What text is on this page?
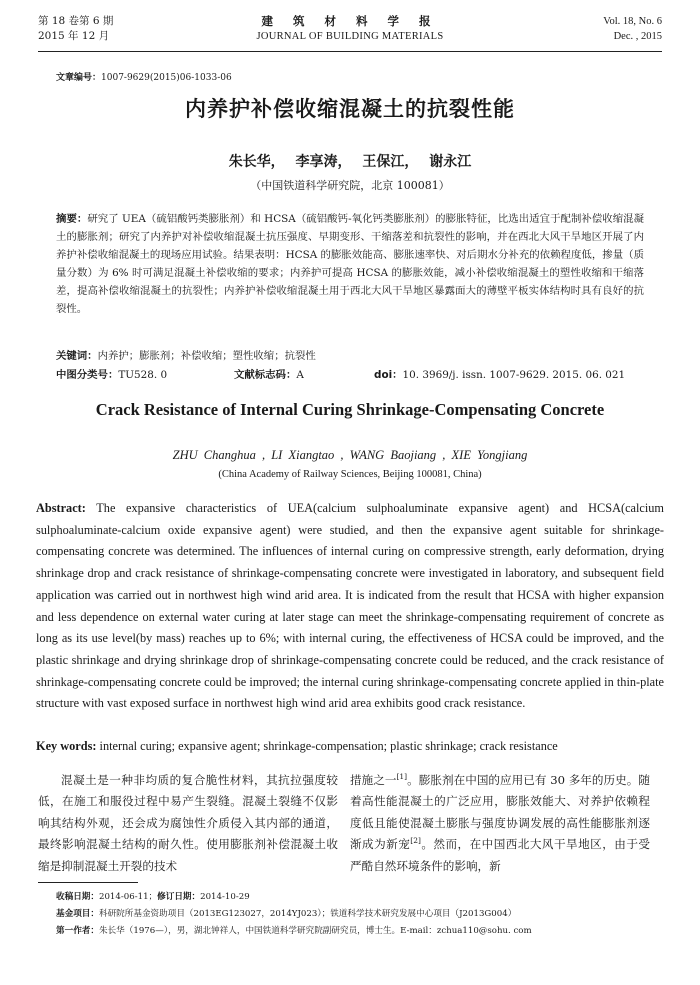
第 18 卷第 6 期
2015 年 12 月
建 筑 材 料 学 报
JOURNAL OF BUILDING MATERIALS
Vol. 18, No. 6
Dec. , 2015
文章编号：1007-9629(2015)06-1033-06
内养护补偿收缩混凝土的抗裂性能
朱长华， 李享涛， 王保江， 谢永江
（中国铁道科学研究院，北京 100081）
摘要：研究了 UEA（硫铝酸钙类膨胀剂）和 HCSA（硫铝酸钙-氧化钙类膨胀剂）的膨胀特征，比选出适宜于配制补偿收缩混凝土的膨胀剂；研究了内养护对补偿收缩混凝土抗压强度、早期变形、干缩落差和抗裂性的影响，并在西北大风干旱地区开展了内养护补偿收缩混凝土的现场应用试验。结果表明：HCSA 的膨胀效能高、膨胀速率快、对后期水分补充的依赖程度低，掺量（质量分数）为 6% 时可满足混凝土补偿收缩的要求；内养护可提高 HCSA 的膨胀效能，减小补偿收缩混凝土的塑性收缩和干缩落差，提高补偿收缩混凝土的抗裂性；内养护补偿收缩混凝土用于西北大风干旱地区暴露面大的薄壁平板实体结构时具有良好的抗裂性。
关键词：内养护；膨胀剂；补偿收缩；塑性收缩；抗裂性
中图分类号：TU528. 0	文献标志码：A	doi：10. 3969/j. issn. 1007-9629. 2015. 06. 021
Crack Resistance of Internal Curing Shrinkage-Compensating Concrete
ZHU Changhua , LI Xiangtao , WANG Baojiang , XIE Yongjiang
(China Academy of Railway Sciences, Beijing 100081, China)
Abstract: The expansive characteristics of UEA(calcium sulphoaluminate expansive agent) and HCSA(calcium sulphoaluminate-calcium oxide expansive agent) were studied, and then the expansive agent suitable for shrinkage-compensating concrete was determined. The influences of internal curing on compressive strength, early deformation, drying shrinkage drop and crack resistance of shrinkage-compensating concrete were investigated in laboratory, and subsequent field application was carried out in northwest high wind arid area. It is indicated from the result that HCSA with higher expansion and less dependence on external water curing at later stage can meet the shrinkage-compensating requirement of concrete as long as its use level(by mass) reaches up to 6%; with internal curing, the effectiveness of HCSA could be improved, and the plastic shrinkage and drying shrinkage drop of shrinkage-compensating concrete could be reduced, and the crack resistance of shrinkage-compensating concrete could be improved; the internal curing shrinkage-compensating concrete applied in thin-plate structure with vast exposed surface in northwest high wind arid area exhibits good crack resistance.
Key words: internal curing; expansive agent; shrinkage-compensation; plastic shrinkage; crack resistance
混凝土是一种非均质的复合脆性材料，其抗拉强度较低，在施工和服役过程中易产生裂缝。混凝土裂缝不仅影响其结构外观，还会成为腐蚀性介质侵入其内部的通道，最终影响混凝土结构的耐久性。使用膨胀剂补偿混凝土收缩是抑制混凝土开裂的技术
措施之一[1]。膨胀剂在中国的应用已有 30 多年的历史。随着高性能混凝土的广泛应用，膨胀效能大、对养护依赖程度低且能使混凝土膨胀与强度协调发展的高性能膨胀剂逐渐成为新宠[2]。然而，在中国西北大风干旱地区，由于受严酷自然环境条件的影响，新
收稿日期：2014-06-11；修订日期：2014-10-29
基金项目：科研院所基金资助项目（2013EG123027，2014YJ023）；铁道科学技术研究发展中心项目（J2013G004）
第一作者：朱长华（1976—），男，湖北钟祥人，中国铁道科学研究院副研究员，博士生。E-mail：zchua110@sohu. com
